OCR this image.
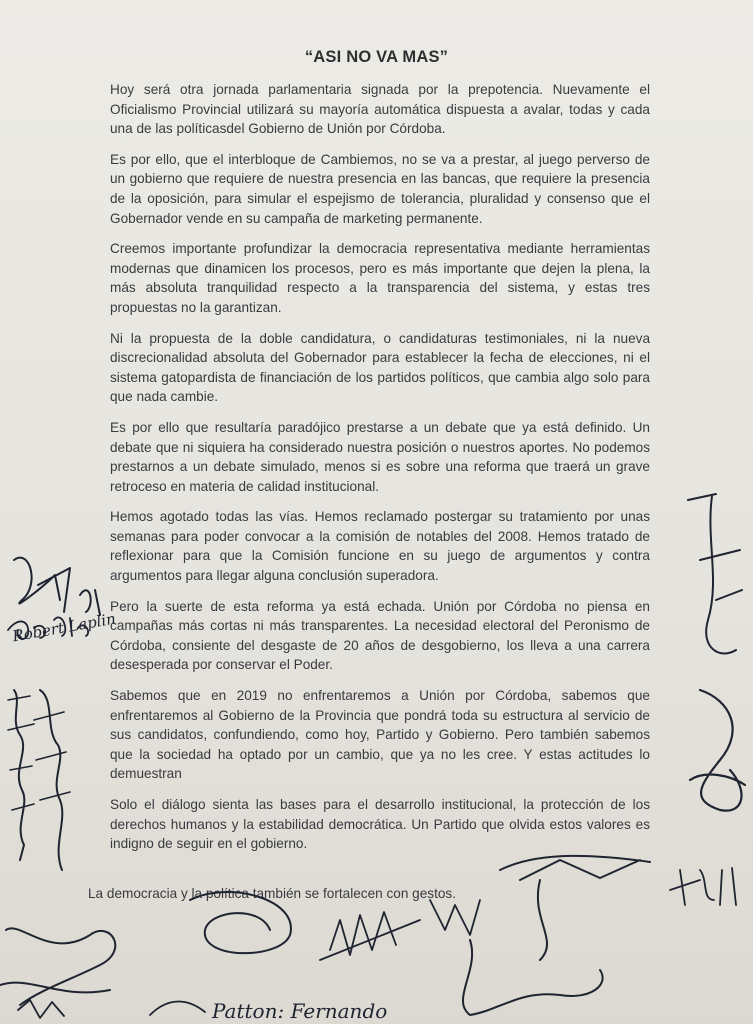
“ASI NO VA MAS”

Hoy será otra jornada parlamentaria signada por la prepotencia. Nuevamente el Oficialismo Provincial utilizará su mayoría automática dispuesta a avalar, todas y cada una de las políticasdel Gobierno de Unión por Córdoba.

Es por ello, que el interbloque de Cambiemos, no se va a prestar, al juego perverso de un gobierno que requiere de nuestra presencia en las bancas, que requiere la presencia de la oposición, para simular el espejismo de tolerancia, pluralidad y consenso que el Gobernador vende en su campaña de marketing permanente.

Creemos importante profundizar la democracia representativa mediante herramientas modernas que dinamicen los procesos, pero es más importante que dejen la plena, la más absoluta tranquilidad respecto a la transparencia del sistema, y estas tres propuestas no la garantizan.

Ni la propuesta de la doble candidatura, o candidaturas testimoniales, ni la nueva discrecionalidad absoluta del Gobernador para establecer la fecha de elecciones, ni el sistema gatopardista de financiación de los partidos políticos, que cambia algo solo para que nada cambie.

Es por ello que resultaría paradójico prestarse a un debate que ya está definido. Un debate que ni siquiera ha considerado nuestra posición o nuestros aportes. No podemos prestarnos a un debate simulado, menos si es sobre una reforma que traerá un grave retroceso en materia de calidad institucional.

Hemos agotado todas las vías. Hemos reclamado postergar su tratamiento por unas semanas para poder convocar a la comisión de notables del 2008. Hemos tratado de reflexionar para que la Comisión funcione en su juego de argumentos y contra argumentos para llegar alguna conclusión superadora.

Pero la suerte de esta reforma ya está echada. Unión por Córdoba no piensa en campañas más cortas ni más transparentes. La necesidad electoral del Peronismo de Córdoba, consiente del desgaste de 20 años de desgobierno, los lleva a una carrera desesperada por conservar el Poder.

Sabemos que en 2019 no enfrentaremos a Unión por Córdoba, sabemos que enfrentaremos al Gobierno de la Provincia que pondrá toda su estructura al servicio de sus candidatos, confundiendo, como hoy, Partido y Gobierno. Pero también sabemos que la sociedad ha optado por un cambio, que ya no les cree. Y estas actitudes lo demuestran

Solo el diálogo sienta las bases para el desarrollo institucional, la protección de los derechos humanos y la estabilidad democrática. Un Partido que olvida estos valores es indigno de seguir en el gobierno.

La democracia y la política también se fortalecen con gestos.
Robert Laplin
Patton: Fernando
